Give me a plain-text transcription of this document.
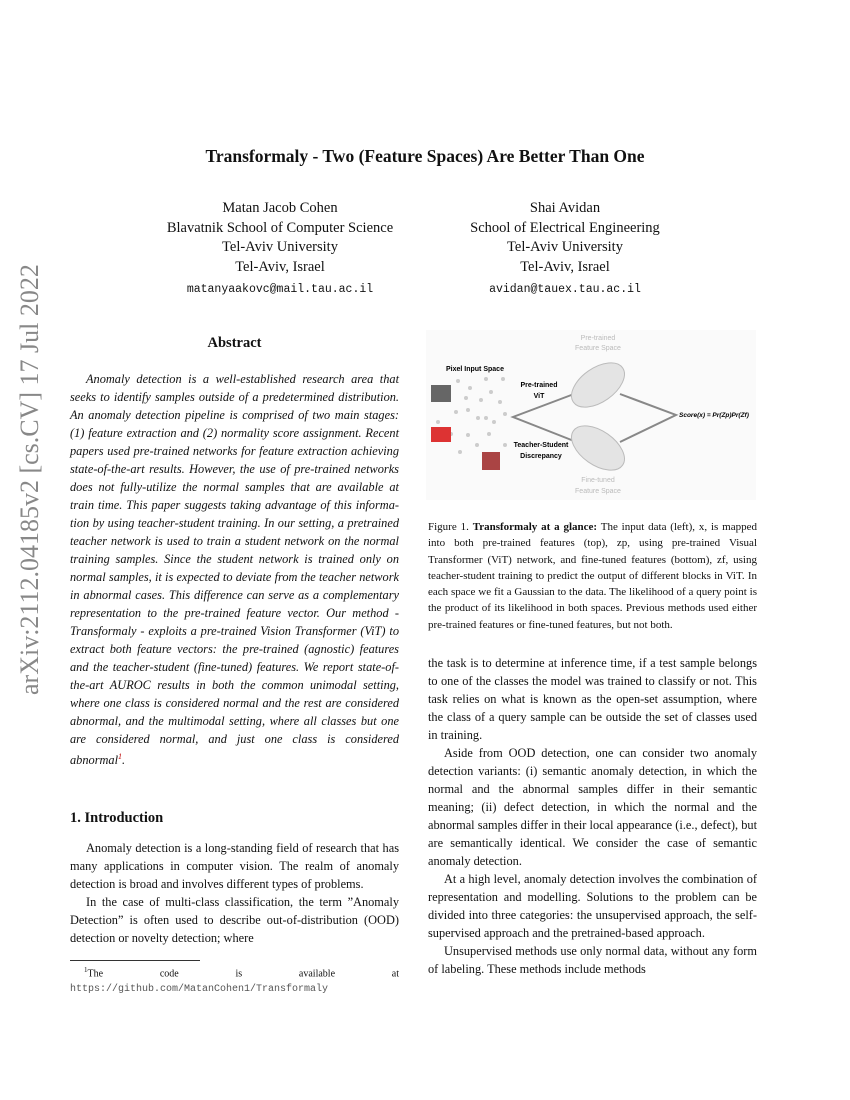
arXiv:2112.04185v2 [cs.CV] 17 Jul 2022
Transformaly - Two (Feature Spaces) Are Better Than One
Matan Jacob Cohen
Blavatnik School of Computer Science
Tel-Aviv University
Tel-Aviv, Israel
matanyaakovc@mail.tau.ac.il
Shai Avidan
School of Electrical Engineering
Tel-Aviv University
Tel-Aviv, Israel
avidan@tauex.tau.ac.il
Abstract

Anomaly detection is a well-established research area that seeks to identify samples outside of a predetermined distribution. An anomaly detection pipeline is comprised of two main stages: (1) feature extraction and (2) normality score assignment. Recent papers used pre-trained networks for feature extraction achieving state-of-the-art results. However, the use of pre-trained networks does not fully-utilize the normal samples that are available at train time. This paper suggests taking advantage of this information by using teacher-student training. In our setting, a pretrained teacher network is used to train a student network on the normal training samples. Since the student network is trained only on normal samples, it is expected to deviate from the teacher network in abnormal cases. This difference can serve as a complementary representation to the pre-trained feature vector. Our method - Transformaly - exploits a pre-trained Vision Transformer (ViT) to extract both feature vectors: the pre-trained (agnostic) features and the teacher-student (fine-tuned) features. We report state-of-the-art AUROC results in both the common unimodal setting, where one class is considered normal and the rest are considered abnormal, and the multimodal setting, where all classes but one are considered normal, and just one class is considered abnormal$^1$.

1. Introduction

Anomaly detection is a long-standing field of research that has many applications in computer vision. The realm of anomaly detection is broad and involves different types of problems.

In the case of multi-class classification, the term ”Anomaly Detection” is often used to describe out-of-distribution (OOD) detection or novelty detection; where

$^1$The code is available at https://github.com/MatanCohen1/Transformaly
Pixel Input Space
Pre-trained
ViT
Teacher-Student
Discrepancy
Pre-trained
Feature Space
Fine-tuned
Feature Space
Score(x) = Pr(Zp)Pr(Zf)
Figure 1. Transformaly at a glance: The input data (left), x, is mapped into both pre-trained features (top), zp, using pre-trained Visual Transformer (ViT) network, and fine-tuned features (bottom), zf, using teacher-student training to predict the output of different blocks in ViT. In each space we fit a Gaussian to the data. The likelihood of a query point is the product of its likelihood in both spaces. Previous methods used either pre-trained features or fine-tuned features, but not both.

the task is to determine at inference time, if a test sample belongs to one of the classes the model was trained to classify or not. This task relies on what is known as the open-set assumption, where the class of a query sample can be outside the set of classes used in training.

Aside from OOD detection, one can consider two anomaly detection variants: (i) semantic anomaly detection, in which the normal and the abnormal samples differ in their semantic meaning; (ii) defect detection, in which the normal and the abnormal samples differ in their local appearance (i.e., defect), but are semantically identical. We consider the case of semantic anomaly detection.

At a high level, anomaly detection involves the combination of representation and modelling. Solutions to the problem can be divided into three categories: the unsupervised approach, the self-supervised approach and the pretrained-based approach.

Unsupervised methods use only normal data, without any form of labeling. These methods include methods
